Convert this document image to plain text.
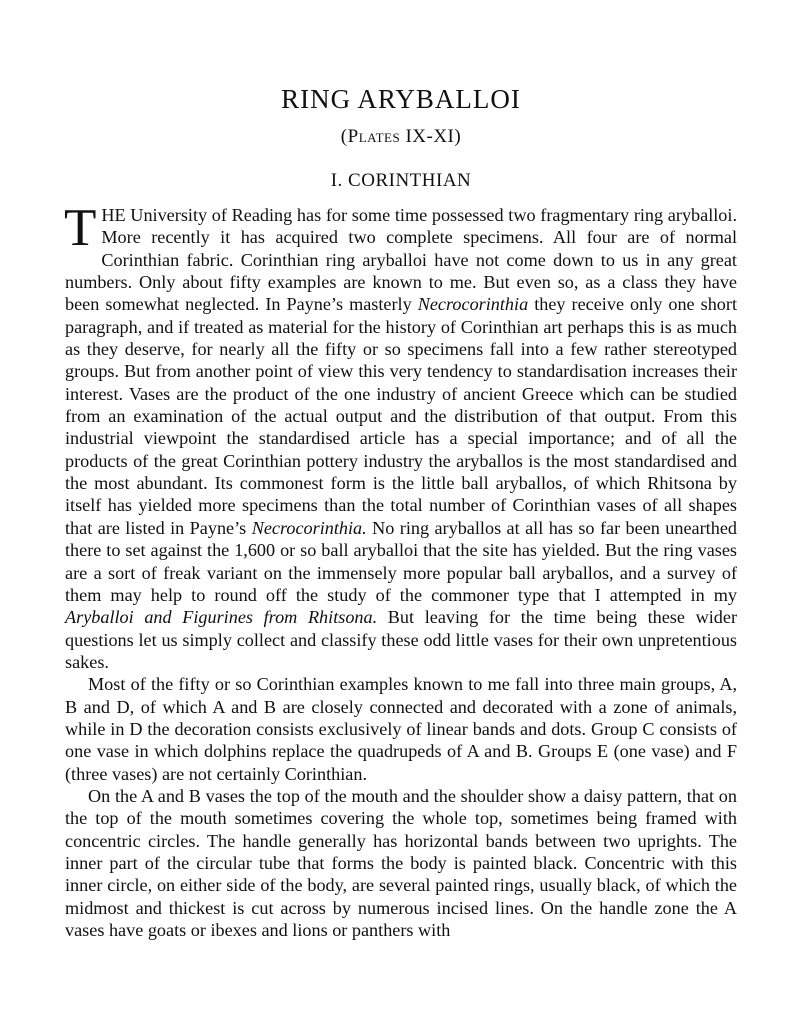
RING ARYBALLOI
(Plates IX-XI)
I. CORINTHIAN

THE University of Reading has for some time possessed two fragmentary ring aryballoi. More recently it has acquired two complete specimens. All four are of normal Corinthian fabric. Corinthian ring aryballoi have not come down to us in any great numbers. Only about fifty examples are known to me. But even so, as a class they have been somewhat neglected. In Payne’s masterly Necrocorinthia they receive only one short paragraph, and if treated as material for the history of Corinthian art perhaps this is as much as they deserve, for nearly all the fifty or so specimens fall into a few rather stereotyped groups. But from another point of view this very tendency to standardisation increases their interest. Vases are the product of the one industry of ancient Greece which can be studied from an examination of the actual output and the distribution of that output. From this industrial viewpoint the standardised article has a special importance; and of all the products of the great Corinthian pottery industry the aryballos is the most standardised and the most abundant. Its commonest form is the little ball aryballos, of which Rhitsona by itself has yielded more specimens than the total number of Corinthian vases of all shapes that are listed in Payne’s Necrocorinthia. No ring aryballos at all has so far been unearthed there to set against the 1,600 or so ball aryballoi that the site has yielded. But the ring vases are a sort of freak variant on the immensely more popular ball aryballos, and a survey of them may help to round off the study of the commoner type that I attempted in my Aryballoi and Figurines from Rhitsona. But leaving for the time being these wider questions let us simply collect and classify these odd little vases for their own unpretentious sakes.

Most of the fifty or so Corinthian examples known to me fall into three main groups, A, B and D, of which A and B are closely connected and decorated with a zone of animals, while in D the decoration consists exclusively of linear bands and dots. Group C consists of one vase in which dolphins replace the quadrupeds of A and B. Groups E (one vase) and F (three vases) are not certainly Corinthian.

On the A and B vases the top of the mouth and the shoulder show a daisy pattern, that on the top of the mouth sometimes covering the whole top, sometimes being framed with concentric circles. The handle generally has horizontal bands between two uprights. The inner part of the circular tube that forms the body is painted black. Concentric with this inner circle, on either side of the body, are several painted rings, usually black, of which the midmost and thickest is cut across by numerous incised lines. On the handle zone the A vases have goats or ibexes and lions or panthers with
